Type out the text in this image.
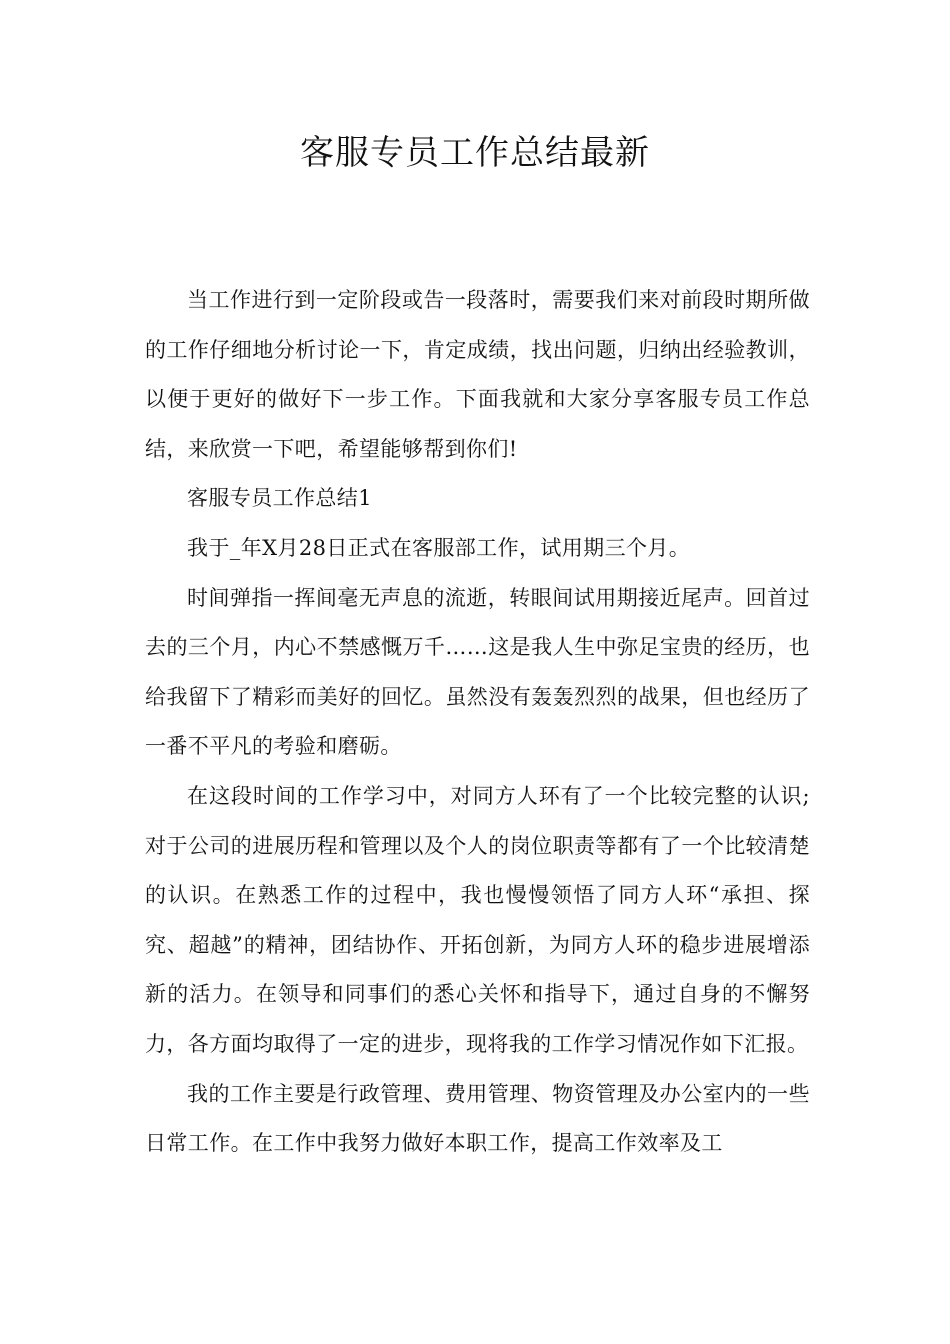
客服专员工作总结最新

当工作进行到一定阶段或告一段落时，需要我们来对前段时期所做的工作仔细地分析讨论一下，肯定成绩，找出问题，归纳出经验教训，以便于更好的做好下一步工作。下面我就和大家分享客服专员工作总结，来欣赏一下吧，希望能够帮到你们!

客服专员工作总结1

我于_年X月28日正式在客服部工作，试用期三个月。

时间弹指一挥间毫无声息的流逝，转眼间试用期接近尾声。回首过去的三个月，内心不禁感慨万千……这是我人生中弥足宝贵的经历，也给我留下了精彩而美好的回忆。虽然没有轰轰烈烈的战果，但也经历了一番不平凡的考验和磨砺。

在这段时间的工作学习中，对同方人环有了一个比较完整的认识;对于公司的进展历程和管理以及个人的岗位职责等都有了一个比较清楚的认识。在熟悉工作的过程中，我也慢慢领悟了同方人环“承担、探究、超越”的精神，团结协作、开拓创新，为同方人环的稳步进展增添新的活力。在领导和同事们的悉心关怀和指导下，通过自身的不懈努力，各方面均取得了一定的进步，现将我的工作学习情况作如下汇报。

我的工作主要是行政管理、费用管理、物资管理及办公室内的一些日常工作。在工作中我努力做好本职工作，提高工作效率及工
